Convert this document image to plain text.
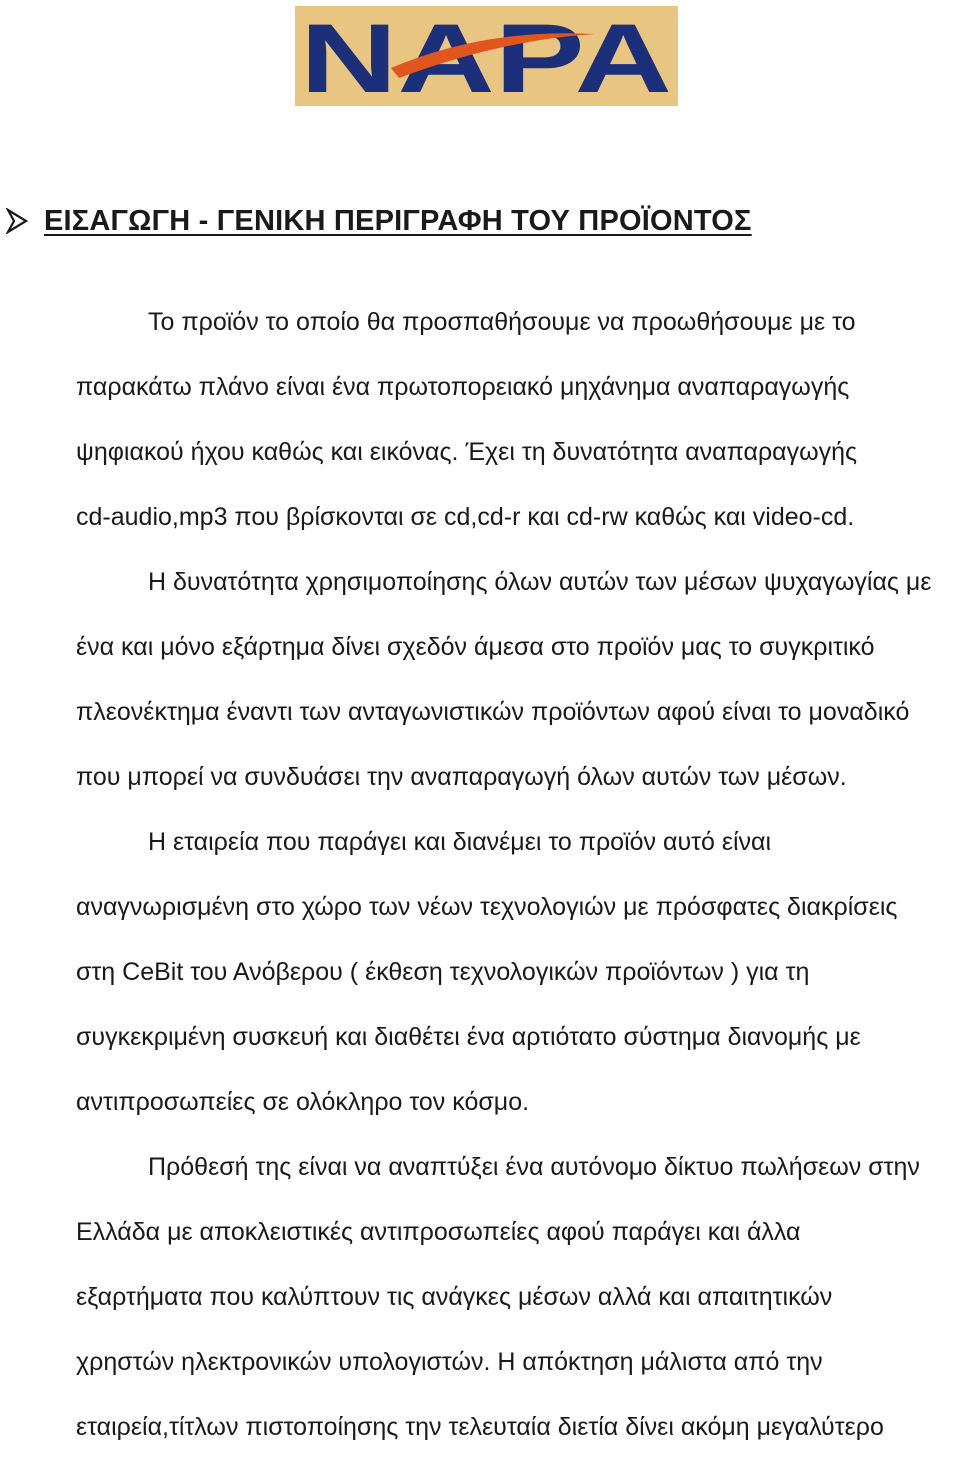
NAPA
ΕΙΣΑΓΩΓΗ - ΓΕΝΙΚΗ ΠΕΡΙΓΡΑΦΗ ΤΟΥ ΠΡΟΪΟΝΤΟΣ
Το προϊόν το οποίο θα προσπαθήσουμε να προωθήσουμε με το
παρακάτω πλάνο είναι ένα πρωτοπορειακό μηχάνημα αναπαραγωγής
ψηφιακού ήχου καθώς και εικόνας. Έχει τη δυνατότητα αναπαραγωγής
cd-audio,mp3 που βρίσκονται σε cd,cd-r και cd-rw καθώς και video-cd.
Η δυνατότητα χρησιμοποίησης όλων αυτών των μέσων ψυχαγωγίας με
ένα και μόνο εξάρτημα δίνει σχεδόν άμεσα στο προϊόν μας το συγκριτικό
πλεονέκτημα έναντι των ανταγωνιστικών προϊόντων αφού είναι το μοναδικό
που μπορεί να συνδυάσει την αναπαραγωγή όλων αυτών των μέσων.
Η εταιρεία που παράγει και διανέμει το προϊόν αυτό είναι
αναγνωρισμένη στο χώρο των νέων τεχνολογιών με πρόσφατες διακρίσεις
στη CeBit του Ανόβερου ( έκθεση τεχνολογικών προϊόντων ) για τη
συγκεκριμένη συσκευή και διαθέτει ένα αρτιότατο σύστημα διανομής με
αντιπροσωπείες σε ολόκληρο τον κόσμο.
Πρόθεσή της είναι να αναπτύξει ένα αυτόνομο δίκτυο πωλήσεων στην
Ελλάδα με αποκλειστικές αντιπροσωπείες αφού παράγει και άλλα
εξαρτήματα που καλύπτουν τις ανάγκες μέσων αλλά και απαιτητικών
χρηστών ηλεκτρονικών υπολογιστών. Η απόκτηση μάλιστα από την
εταιρεία,τίτλων πιστοποίησης την τελευταία διετία δίνει ακόμη μεγαλύτερο
